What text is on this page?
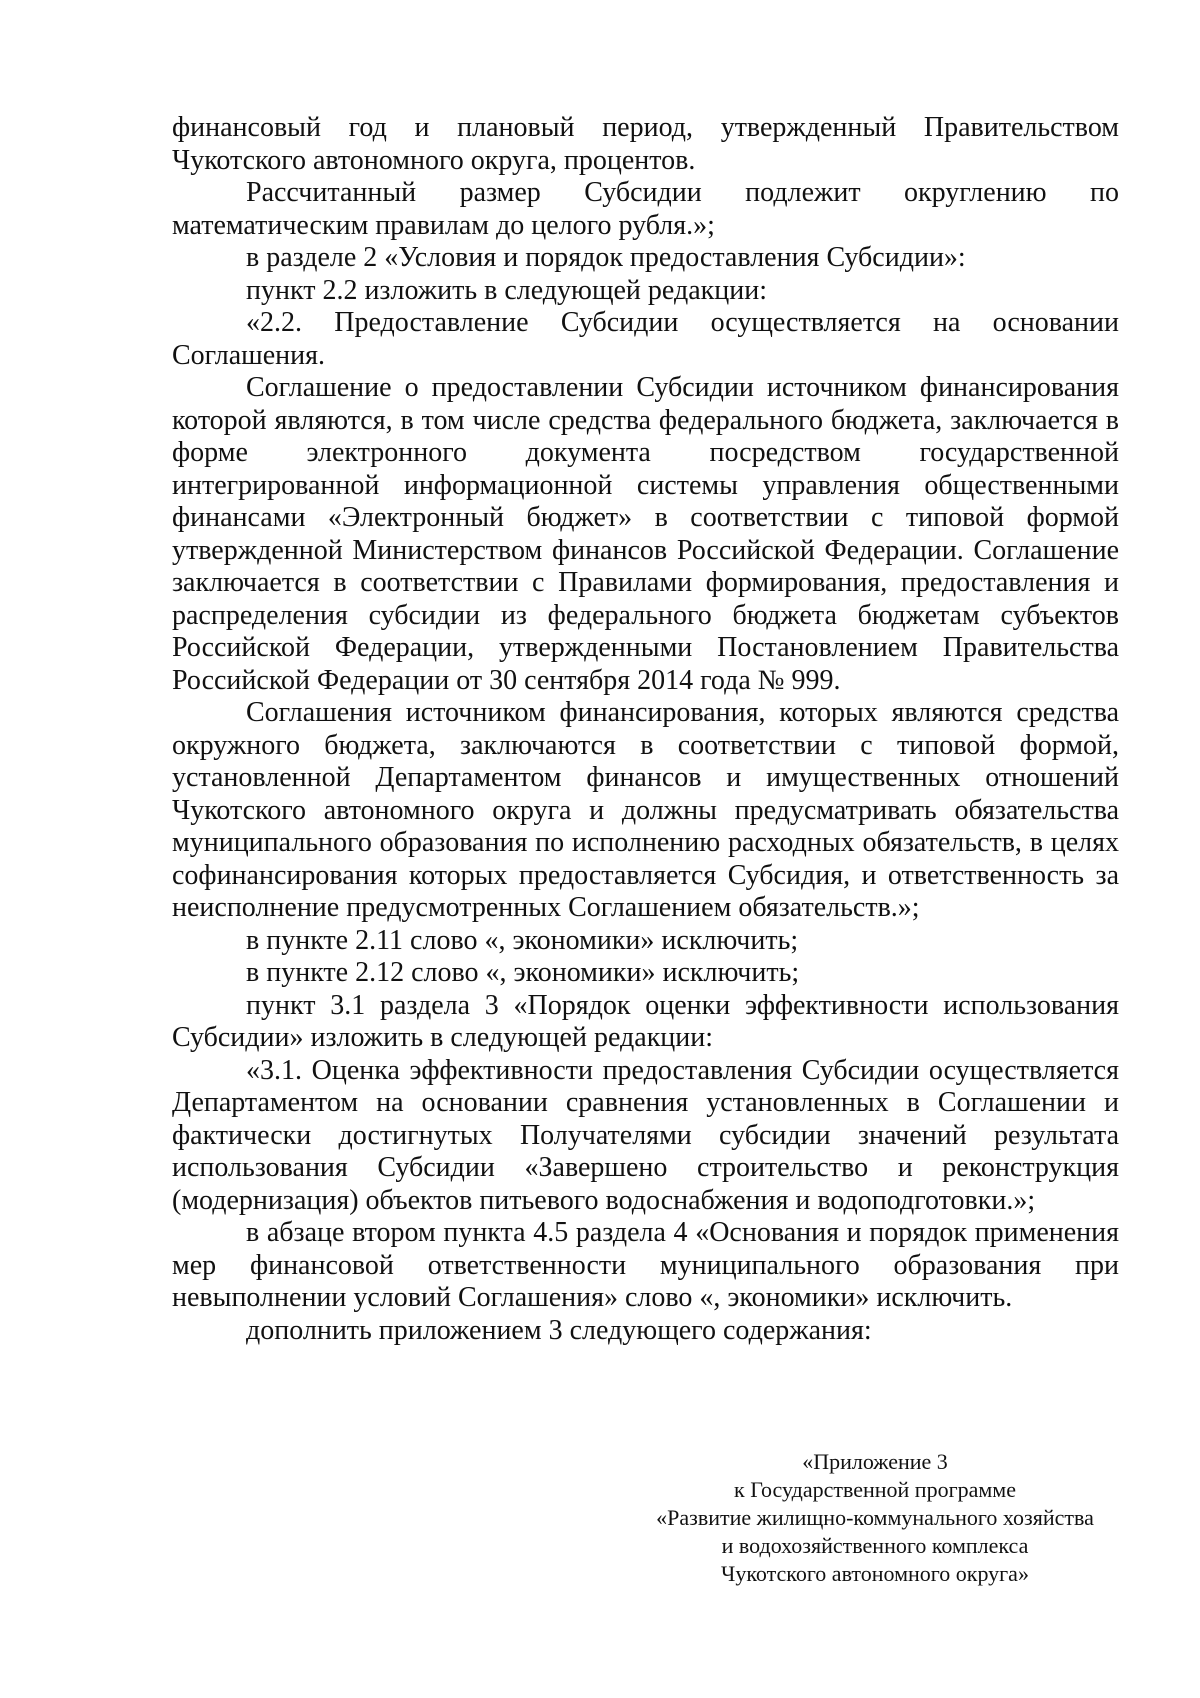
финансовый год и плановый период, утвержденный Правительством Чукотского автономного округа, процентов.

Рассчитанный размер Субсидии подлежит округлению по математическим правилам до целого рубля.»;

в разделе 2 «Условия и порядок предоставления Субсидии»:

пункт 2.2 изложить в следующей редакции:

«2.2. Предоставление Субсидии осуществляется на основании Соглашения.

Соглашение о предоставлении Субсидии источником финансирования которой являются, в том числе средства федерального бюджета, заключается в форме электронного документа посредством государственной интегрированной информационной системы управления общественными финансами «Электронный бюджет» в соответствии с типовой формой утвержденной Министерством финансов Российской Федерации. Соглашение заключается в соответствии с Правилами формирования, предоставления и распределения субсидии из федерального бюджета бюджетам субъектов Российской Федерации, утвержденными Постановлением Правительства Российской Федерации от 30 сентября 2014 года № 999.

Соглашения источником финансирования, которых являются средства окружного бюджета, заключаются в соответствии с типовой формой, установленной Департаментом финансов и имущественных отношений Чукотского автономного округа и должны предусматривать обязательства муниципального образования по исполнению расходных обязательств, в целях софинансирования которых предоставляется Субсидия, и ответственность за неисполнение предусмотренных Соглашением обязательств.»;

в пункте 2.11 слово «, экономики» исключить;

в пункте 2.12 слово «, экономики» исключить;

пункт 3.1 раздела 3 «Порядок оценки эффективности использования Субсидии» изложить в следующей редакции:

«3.1. Оценка эффективности предоставления Субсидии осуществляется Департаментом на основании сравнения установленных в Соглашении и фактически достигнутых Получателями субсидии значений результата использования Субсидии «Завершено строительство и реконструкция (модернизация) объектов питьевого водоснабжения и водоподготовки.»;

в абзаце втором пункта 4.5 раздела 4 «Основания и порядок применения мер финансовой ответственности муниципального образования при невыполнении условий Соглашения» слово «, экономики» исключить.

дополнить приложением 3 следующего содержания:

«Приложение 3
к Государственной программе
«Развитие жилищно-коммунального хозяйства
и водохозяйственного комплекса
Чукотского автономного округа»
